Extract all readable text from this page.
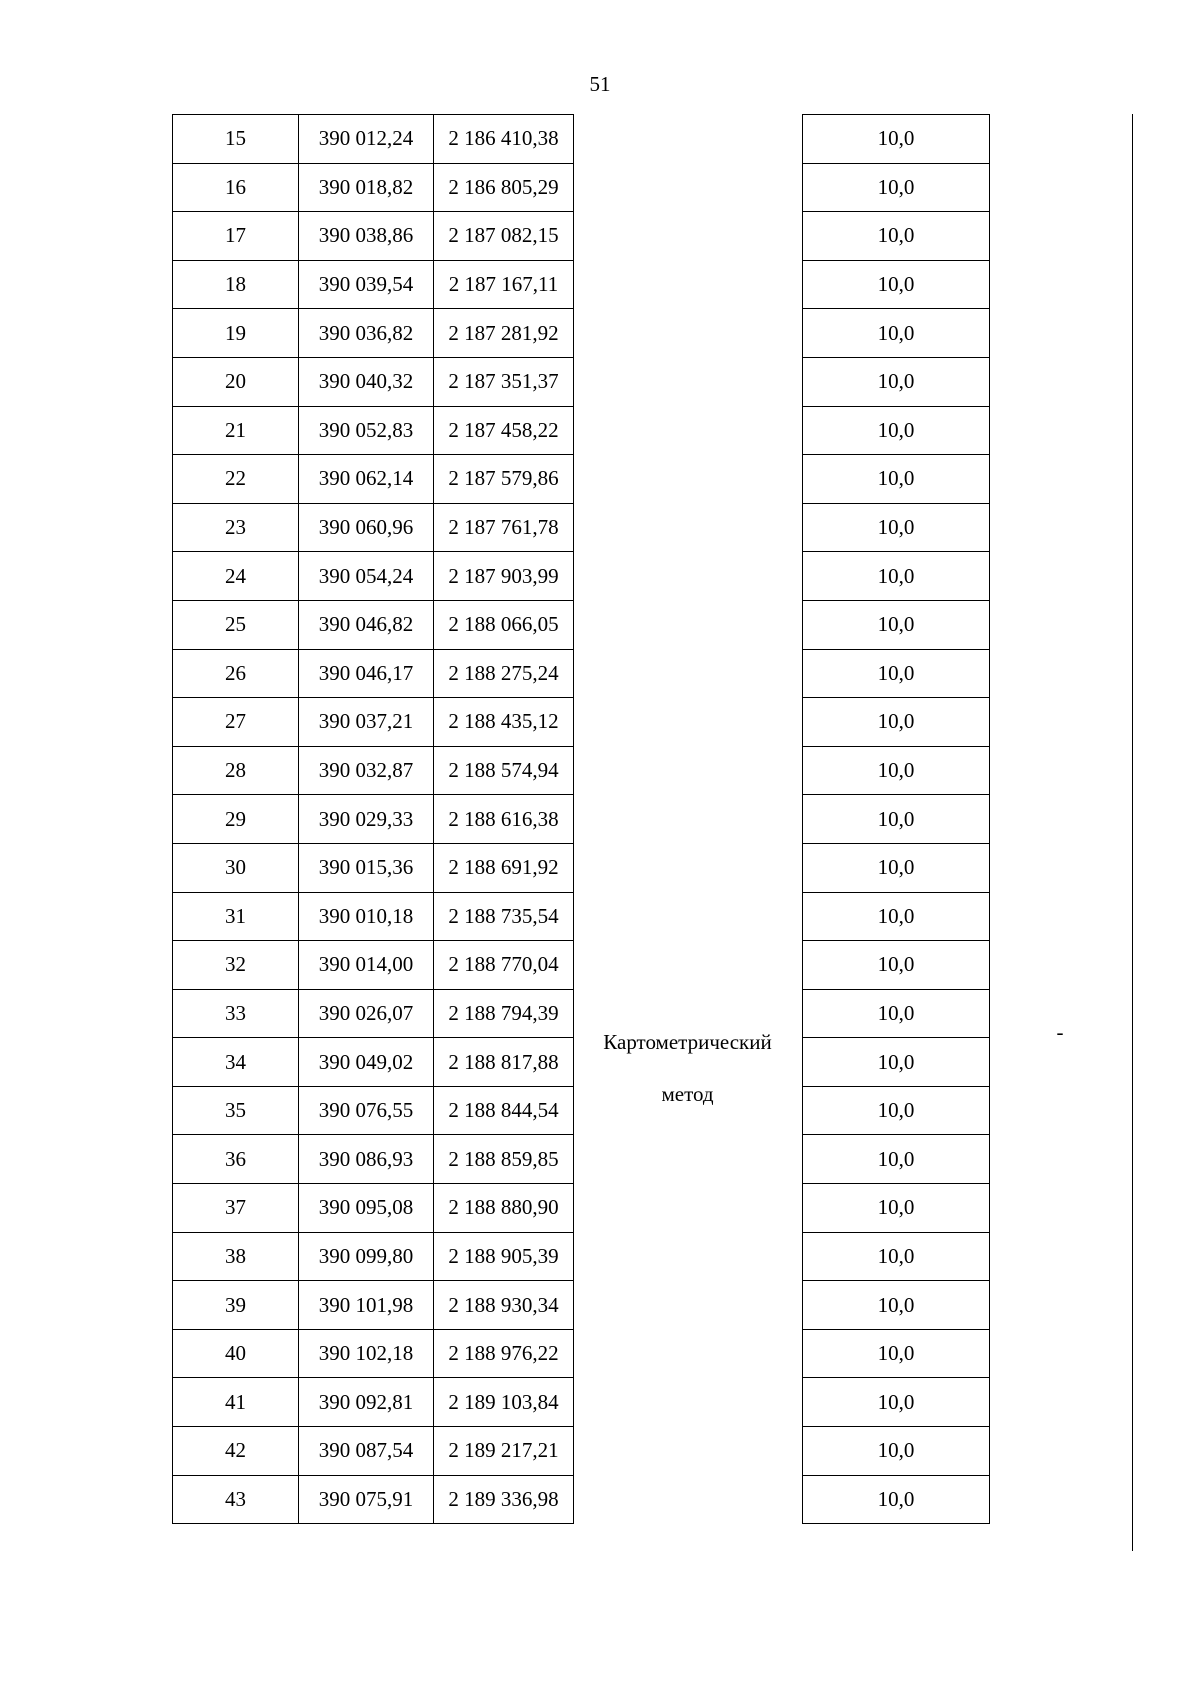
51
15	390 012,24	2 186 410,38		10,0	
16	390 018,82	2 186 805,29		10,0	
17	390 038,86	2 187 082,15		10,0	
18	390 039,54	2 187 167,11		10,0	
19	390 036,82	2 187 281,92		10,0	
20	390 040,32	2 187 351,37		10,0	
21	390 052,83	2 187 458,22		10,0	
22	390 062,14	2 187 579,86		10,0	
23	390 060,96	2 187 761,78		10,0	
24	390 054,24	2 187 903,99		10,0	
25	390 046,82	2 188 066,05		10,0	
26	390 046,17	2 188 275,24		10,0	
27	390 037,21	2 188 435,12		10,0	
28	390 032,87	2 188 574,94		10,0	
29	390 029,33	2 188 616,38		10,0	
30	390 015,36	2 188 691,92		10,0	
31	390 010,18	2 188 735,54		10,0	
32	390 014,00	2 188 770,04		10,0	
33	390 026,07	2 188 794,39		10,0	
34	390 049,02	2 188 817,88		10,0	
35	390 076,55	2 188 844,54		10,0	
36	390 086,93	2 188 859,85		10,0	
37	390 095,08	2 188 880,90		10,0	
38	390 099,80	2 188 905,39		10,0	
39	390 101,98	2 188 930,34		10,0	
40	390 102,18	2 188 976,22		10,0	
41	390 092,81	2 189 103,84		10,0	
42	390 087,54	2 189 217,21		10,0	
43	390 075,91	2 189 336,98		10,0	
Картометрический
метод
-
